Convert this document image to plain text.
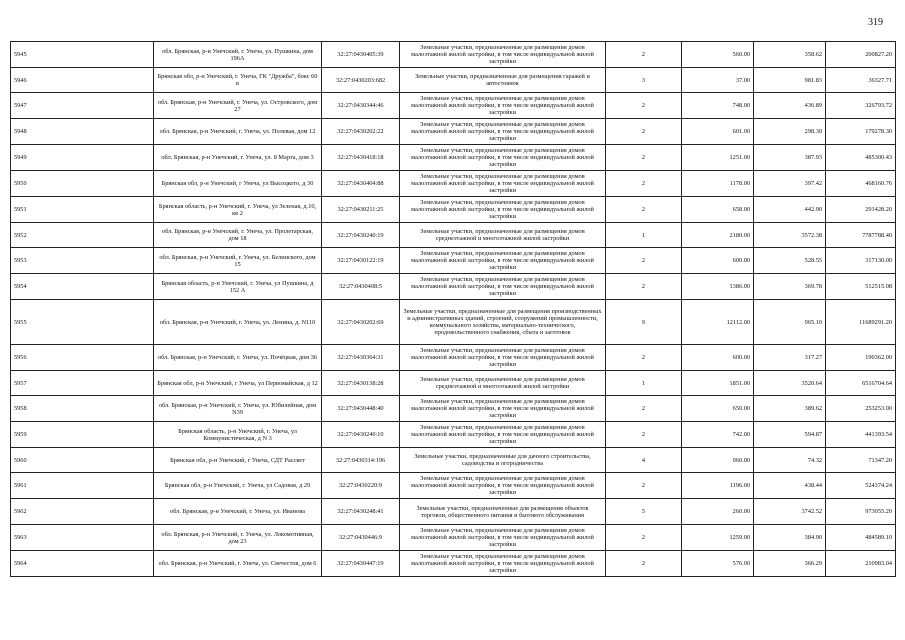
319
5945	обл. Брянская, р-н Унечский, г. Унеча, ул. Пушкина, дом 196А	32:27:0430405:39	Земельные участки, предназначенные для размещения домов малоэтажной жилой застройки, в том числе индивидуальной жилой застройки	2	560.00	358.62	200827.20
5946	Брянская обл, р-н Унечский, г. Унеча, ГК "Дружба", бокс 60 в	32:27:0430203:682	Земельные участки, предназначенные для размещения гаражей и автостоянок	3	37.00	981.83	36327.71
5947	обл. Брянская, р-н Унечский, г. Унеча, ул. Островского, дом 27	32:27:0430344:46	Земельные участки, предназначенные для размещения домов малоэтажной жилой застройки, в том числе индивидуальной жилой застройки	2	748.00	436.89	326793.72
5948	обл. Брянская, р-н Унечский, г. Унеча, ул. Полевая, дом 12	32:27:0430202:22	Земельные участки, предназначенные для размещения домов малоэтажной жилой застройки, в том числе индивидуальной жилой застройки	2	601.00	298.30	179278.30
5949	обл. Брянская, р-н Унечский, г. Унеча, ул. 8 Марта, дом 3	32:27:0430418:18	Земельные участки, предназначенные для размещения домов малоэтажной жилой застройки, в том числе индивидуальной жилой застройки	2	1251.00	387.93	485300.43
5950	Брянская обл, р-н Унечский, г Унеча, ул Высоцкого, д 30	32:27:0430404:88	Земельные участки, предназначенные для размещения домов малоэтажной жилой застройки, в том числе индивидуальной жилой застройки	2	1178.00	397.42	468160.76
5951	Брянская область, р-н Унечский, г. Унеча, ул Зеленая, д.10, кв 2	32:27:0430211:25	Земельные участки, предназначенные для размещения домов малоэтажной жилой застройки, в том числе индивидуальной жилой застройки	2	658.00	442.90	291428.20
5952	обл. Брянская, р-н Унечский, г. Унеча, ул. Пролетарская, дом 18	32:27:0430240:19	Земельные участки, предназначенные для размещения домов среднеэтажной и многоэтажной жилой застройки	1	2180.00	3572.38	7787788.40
5953	обл. Брянская, р-н Унечский, г. Унеча, ул. Белинского, дом 15	32:27:0430122:19	Земельные участки, предназначенные для размещения домов малоэтажной жилой застройки, в том числе индивидуальной жилой застройки	2	600.00	528.55	317130.00
5954	Брянская область, р-н Унечский, г. Унеча, ул Пушкина, д 152 А	32:27:0430408:5	Земельные участки, предназначенные для размещения домов малоэтажной жилой застройки, в том числе индивидуальной жилой застройки	2	1386.00	369.78	512515.08
5955	обл. Брянская, р-н Унечский, г. Унеча, ул. Ленина, д. N110	32:27:0430202:69	Земельные участки, предназначенные для размещения производственных и административных зданий, строений, сооружений промышленности, коммунального хозяйства, материально-технического, продовольственного снабжения, сбыта и заготовок	9	12112.00	965.10	11689291.20
5956	обл. Брянская, р-н Унечский, г. Унеча, ул. Почёцкая, дом 36	32:27:0430364:31	Земельные участки, предназначенные для размещения домов малоэтажной жилой застройки, в том числе индивидуальной жилой застройки	2	600.00	317.27	190362.00
5957	Брянская обл, р-н Унечский, г Унеча, ул Первомайская, д 12	32:27:0430138:28	Земельные участки, предназначенные для размещения домов среднеэтажной и многоэтажной жилой застройки	1	1851.00	3520.64	6516704.64
5958	обл. Брянская, р-н Унечский, г. Унеча, ул. Юбилейная, дом N39	32:27:0430448:40	Земельные участки, предназначенные для размещения домов малоэтажной жилой застройки, в том числе индивидуальной жилой застройки	2	650.00	389.62	253253.00
5959	Брянская область, р-н Унечский, г. Унеча, ул Коммунистическая, д N 3	32:27:0430240:10	Земельные участки, предназначенные для размещения домов малоэтажной жилой застройки, в том числе индивидуальной жилой застройки	2	742.00	594.87	441393.54
5960	Брянская обл, р-н Унечский, г Унеча, СДТ Рассвет	32:27:0430314:196	Земельные участки, предназначенные для дачного строительства, садоводства и огородничества	4	960.00	74.32	71347.20
5961	Брянская обл, р-н Унечский, г. Унеча, ул Садовая, д 29	32:27:0430220:9	Земельные участки, предназначенные для размещения домов малоэтажной жилой застройки, в том числе индивидуальной жилой застройки	2	1196.00	438.44	524374.24
5962	обл. Брянская, р-н Унечский, г. Унеча, ул. Иванова	32:27:0430248:41	Земельные участки, предназначенные для размещения объектов торговли, общественного питания и бытового обслуживания	5	260.00	3742.52	973055.20
5963	обл. Брянская, р-н Унечский, г. Унеча, ул. Локомотивная, дом 23	32:27:0430446:9	Земельные участки, предназначенные для размещения домов малоэтажной жилой застройки, в том числе индивидуальной жилой застройки	2	1259.00	384.90	484589.10
5964	обл. Брянская, р-н Унечский, г. Унеча, ул. Свечестов, дом 6	32:27:0430447:19	Земельные участки, предназначенные для размещения домов малоэтажной жилой застройки, в том числе индивидуальной жилой застройки	2	576.00	366.29	210983.04
